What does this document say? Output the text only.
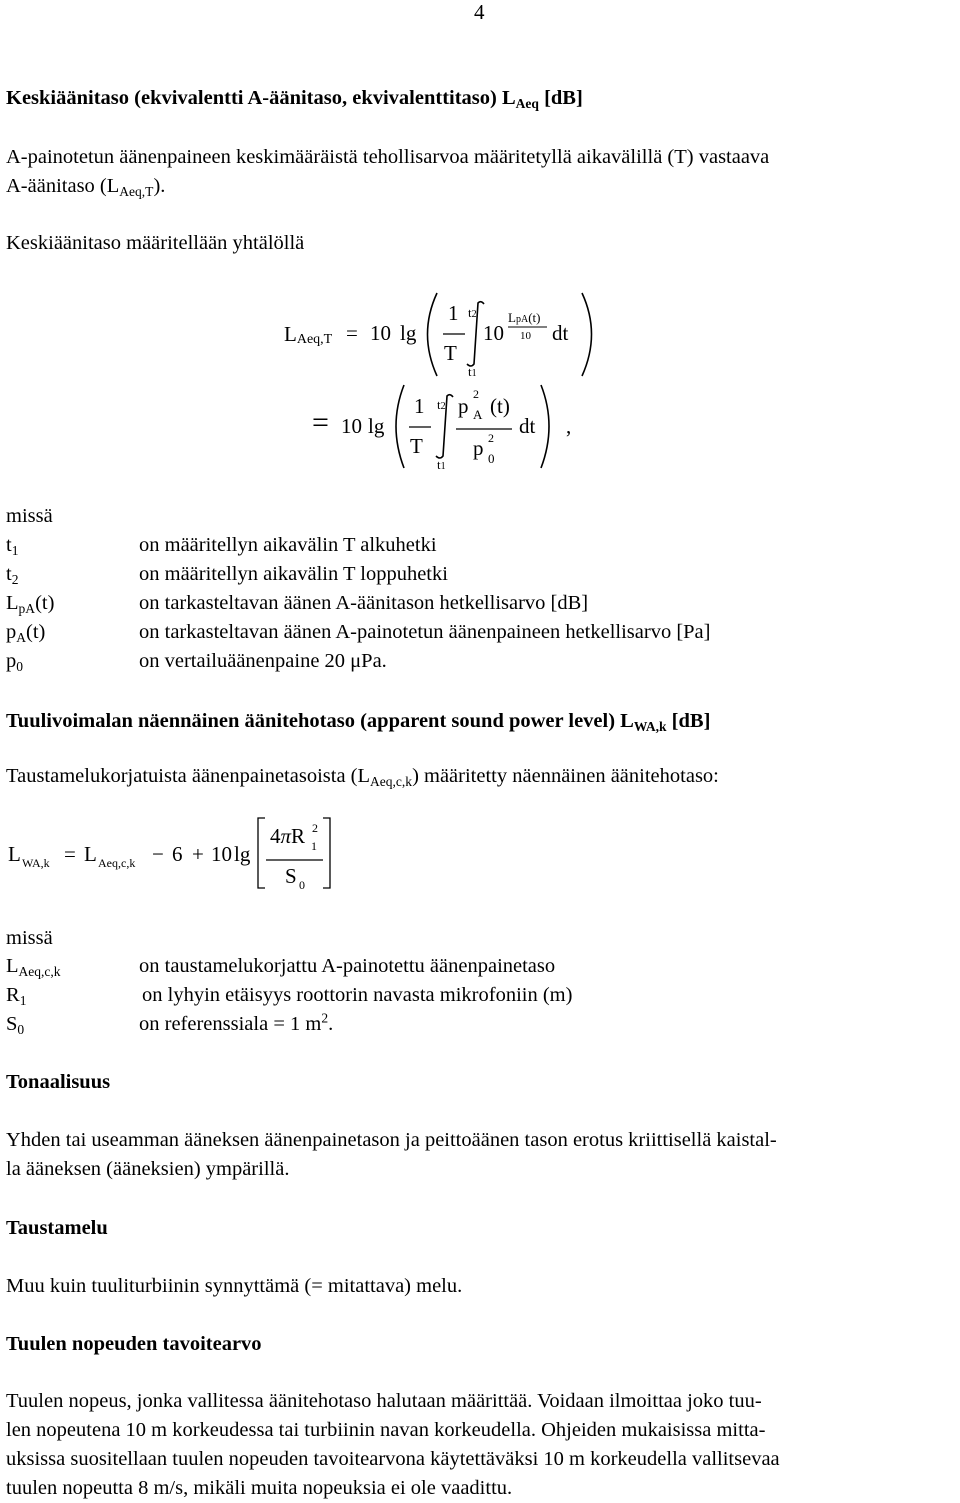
4
Keskiäänitaso (ekvivalentti A-äänitaso, ekvivalenttitaso) $L_{Aeq}$ [dB]
A-painotetun äänenpaineen keskimääräistä tehollisarvoa määritetyllä aikavälillä (T) vastaava
A-äänitaso $(L_{Aeq,T})$.
Keskiäänitaso määritellään yhtälöllä
LAeq,T = 10 lg
1
T
t2
t1
10
LpA(t)
10 dt
= 10 lg
1
T
t2
t1
p 2
A (t)
p 2
0
dt ,
missä
$t_1$	on määritellyn aikavälin T alkuhetki
$t_2$	on määritellyn aikavälin T loppuhetki
$L_{pA}(t)$	on tarkasteltavan äänen A-äänitason hetkellisarvo [dB]
$p_A(t)$	on tarkasteltavan äänen A-painotetun äänenpaineen hetkellisarvo [Pa]
$p_0$	on vertailuäänenpaine 20 μPa.
Tuulivoimalan näennäinen äänitehotaso (apparent sound power level) $L_{WA,k}$ [dB]
Taustamelukorjatuista äänenpainetasoista $(L_{Aeq,c,k})$ määritetty näennäinen äänitehotaso:
L WA,k = L Aeq,c,k − 6 + 10 lg
4πR 2
1
S 0
missä
$L_{Aeq,c,k}$	on taustamelukorjattu A-painotettu äänenpainetaso
$R_1$	on lyhyin etäisyys roottorin navasta mikrofoniin (m)
$S_0$	on referenssiala = 1 $m^2$.
Tonaalisuus
Yhden tai useamman ääneksen äänenpainetason ja peittoäänen tason erotus kriittisellä kaistal-
la ääneksen (ääneksien) ympärillä.
Taustamelu
Muu kuin tuuliturbiinin synnyttämä (= mitattava) melu.
Tuulen nopeuden tavoitearvo
Tuulen nopeus, jonka vallitessa äänitehotaso halutaan määrittää. Voidaan ilmoittaa joko tuu-
len nopeutena 10 m korkeudessa tai turbiinin navan korkeudella. Ohjeiden mukaisissa mitta-
uksissa suositellaan tuulen nopeuden tavoitearvona käytettäväksi 10 m korkeudella vallitsevaa
tuulen nopeutta 8 m/s, mikäli muita nopeuksia ei ole vaadittu.
